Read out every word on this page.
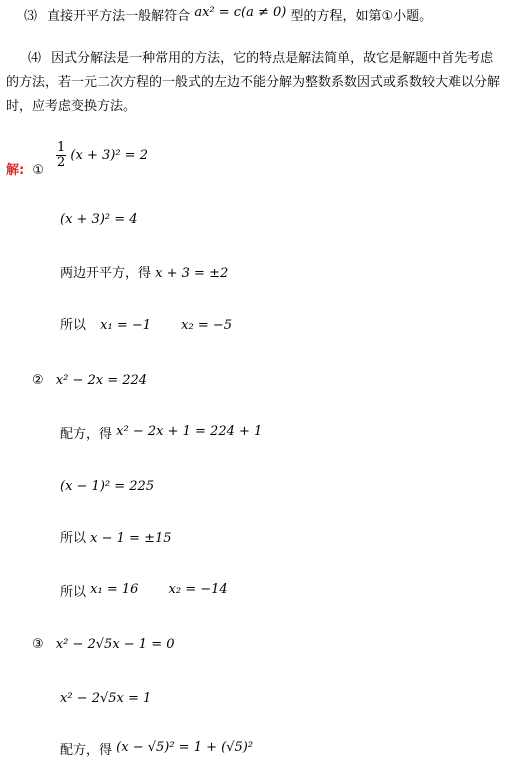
⑶ 直接开平方法一般解符合 ax² = c(a ≠ 0) 型的方程，如第①小题。
⑷ 因式分解法是一种常用的方法，它的特点是解法简单，故它是解题中首先考虑
的方法，若一元二次方程的一般式的左边不能分解为整数系数因式或系数较大难以分解
时，应考虑变换方法。
解: ①
$\frac{1}{2} (x + 3)^2 = 2$
(x + 3)² = 4
两边开平方，得 x + 3 = ±2
所以 x₁ = −1 x₂ = −5
② x² − 2x = 224
配方，得 x² − 2x + 1 = 224 + 1
(x − 1)² = 225
所以 x − 1 = ±15
所以 x₁ = 16 x₂ = −14
③ x² − 2√5x − 1 = 0
x² − 2√5x = 1
配方，得 (x − √5)² = 1 + (√5)²
